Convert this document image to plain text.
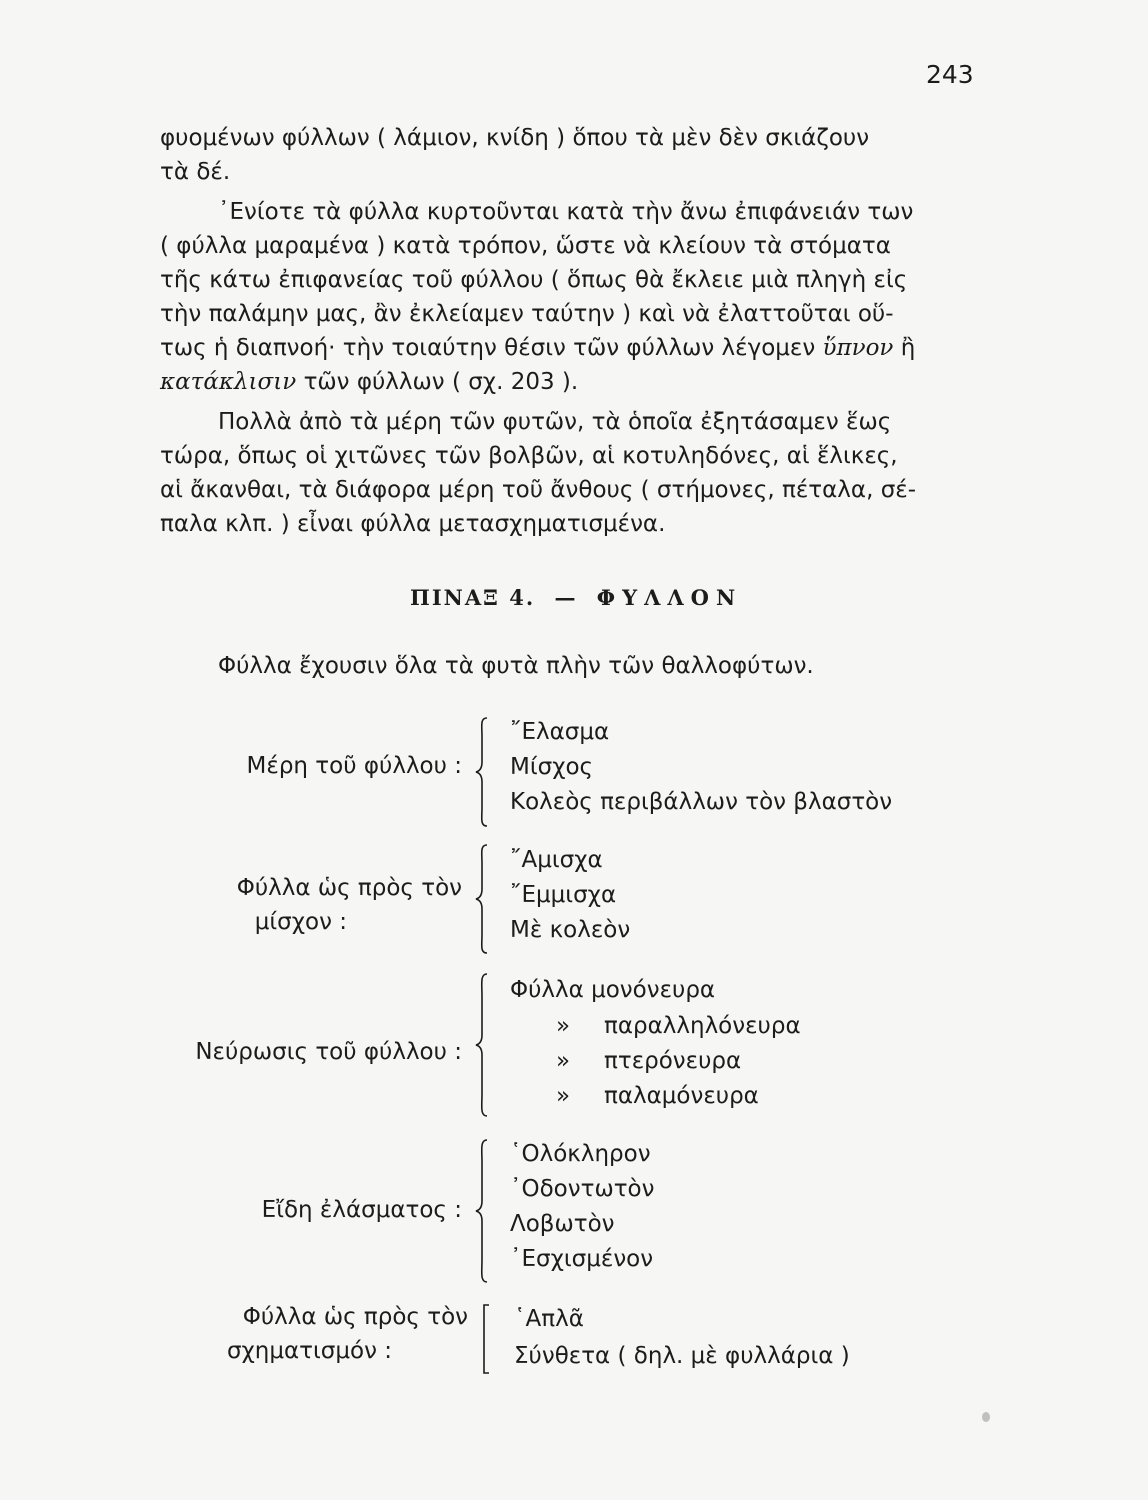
243
φυομένων φύλλων ( λάμιον, κνίδη ) ὅπου τὰ μὲν δὲν σκιάζουν
τὰ δέ.
᾿Ενίοτε τὰ φύλλα κυρτοῦνται κατὰ τὴν ἄνω ἐπιφάνειάν των
( φύλλα μαραμένα ) κατὰ τρόπον, ὥστε νὰ κλείουν τὰ στόματα
τῆς κάτω ἐπιφανείας τοῦ φύλλου ( ὅπως θὰ ἔκλειε μιὰ πληγὴ εἰς
τὴν παλάμην μας, ἂν ἐκλείαμεν ταύτην ) καὶ νὰ ἐλαττοῦται οὕ-
τως ἡ διαπνοή· τὴν τοιαύτην θέσιν τῶν φύλλων λέγομεν ὕπνον ἢ
κατάκλισιν τῶν φύλλων ( σχ. 203 ).
Πολλὰ ἀπὸ τὰ μέρη τῶν φυτῶν, τὰ ὁποῖα ἐξητάσαμεν ἕως
τώρα, ὅπως οἱ χιτῶνες τῶν βολβῶν, αἱ κοτυληδόνες, αἱ ἕλικες,
αἱ ἄκανθαι, τὰ διάφορα μέρη τοῦ ἄνθους ( στήμονες, πέταλα, σέ-
παλα κλπ. ) εἶναι φύλλα μετασχηματισμένα.
ΠΙΝΑΞ 4. — ΦΥΛΛΟΝ
Φύλλα ἔχουσιν ὅλα τὰ φυτὰ πλὴν τῶν θαλλοφύτων.
Μέρη τοῦ φύλλου :
῎Ελασμα
Μίσχος
Κολεὸς περιβάλλων τὸν βλαστὸν
Φύλλα ὡς πρὸς τὸν
μίσχον :
῎Αμισχα
῎Εμμισχα
Μὲ κολεὸν
Νεύρωσις τοῦ φύλλου :
Φύλλα μονόνευρα
» παραλληλόνευρα
» πτερόνευρα
» παλαμόνευρα
Εἴδη ἐλάσματος :
῾Ολόκληρον
᾿Οδοντωτὸν
Λοβωτὸν
᾿Εσχισμένον
Φύλλα ὡς πρὸς τὸν
σχηματισμόν :
῾Απλᾶ
Σύνθετα ( δηλ. μὲ φυλλάρια )
